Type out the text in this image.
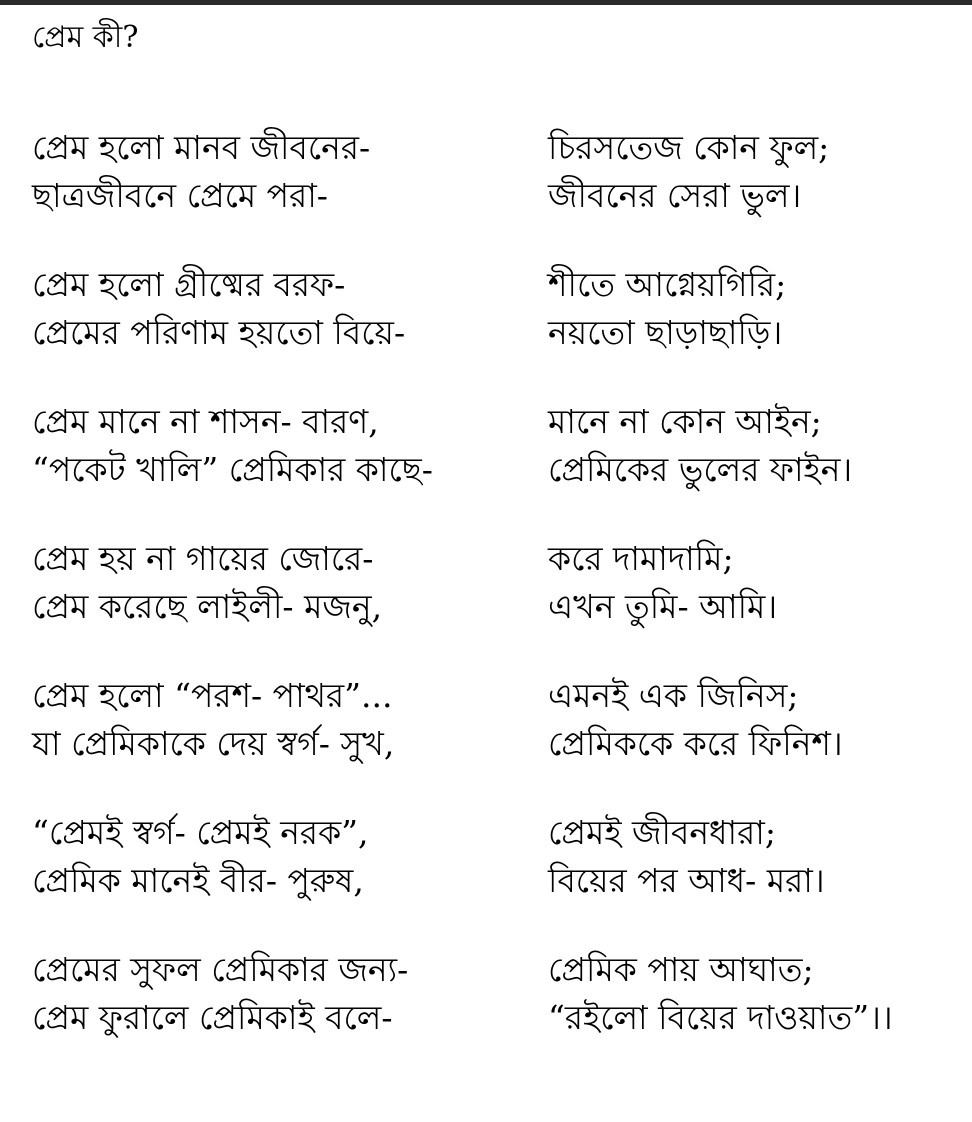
প্রেম কী?
প্রেম হলো মানব জীবনের-	চিরসতেজ কোন ফুল;
ছাত্রজীবনে প্রেমে পরা-	জীবনের সেরা ভুল।
প্রেম হলো গ্রীষ্মের বরফ-	শীতে আগ্নেয়গিরি;
প্রেমের পরিণাম হয়তো বিয়ে-	নয়তো ছাড়াছাড়ি।
প্রেম মানে না শাসন- বারণ,	মানে না কোন আইন;
“পকেট খালি” প্রেমিকার কাছে-	প্রেমিকের ভুলের ফাইন।
প্রেম হয় না গায়ের জোরে-	করে দামাদামি;
প্রেম করেছে লাইলী- মজনু,	এখন তুমি- আমি।
প্রেম হলো “পরশ- পাথর”...	এমনই এক জিনিস;
যা প্রেমিকাকে দেয় স্বর্গ- সুখ,	প্রেমিককে করে ফিনিশ।
“প্রেমই স্বর্গ- প্রেমই নরক”,	প্রেমই জীবনধারা;
প্রেমিক মানেই বীর- পুরুষ,	বিয়ের পর আধ- মরা।
প্রেমের সুফল প্রেমিকার জন্য-	প্রেমিক পায় আঘাত;
প্রেম ফুরালে প্রেমিকাই বলে-	“রইলো বিয়ের দাওয়াত”।।
